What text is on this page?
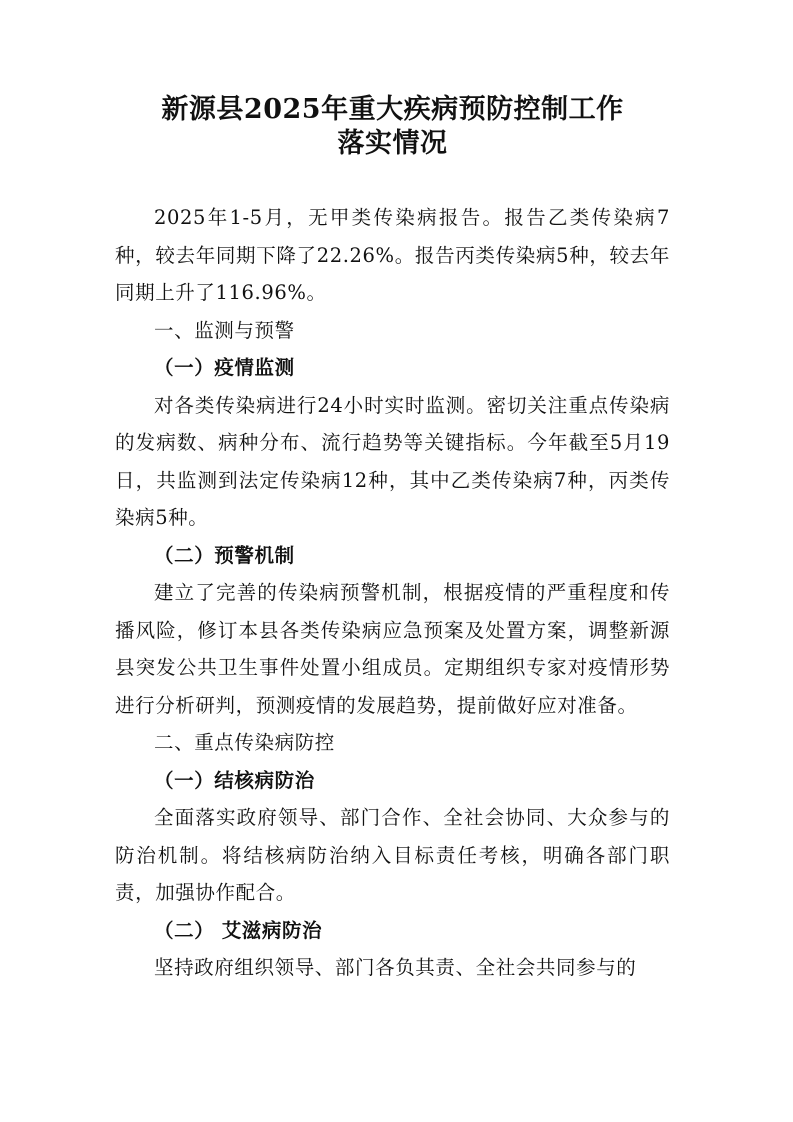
新源县2025年重大疾病预防控制工作
落实情况

2025年1-5月，无甲类传染病报告。报告乙类传染病7种，较去年同期下降了22.26%。报告丙类传染病5种，较去年同期上升了116.96%。

一、监测与预警

（一）疫情监测

对各类传染病进行24小时实时监测。密切关注重点传染病的发病数、病种分布、流行趋势等关键指标。今年截至5月19日，共监测到法定传染病12种，其中乙类传染病7种，丙类传染病5种。

（二）预警机制

建立了完善的传染病预警机制，根据疫情的严重程度和传播风险，修订本县各类传染病应急预案及处置方案，调整新源县突发公共卫生事件处置小组成员。定期组织专家对疫情形势进行分析研判，预测疫情的发展趋势，提前做好应对准备。

二、重点传染病防控

（一）结核病防治

全面落实政府领导、部门合作、全社会协同、大众参与的防治机制。将结核病防治纳入目标责任考核，明确各部门职责，加强协作配合。

（二） 艾滋病防治

坚持政府组织领导、部门各负其责、全社会共同参与的
